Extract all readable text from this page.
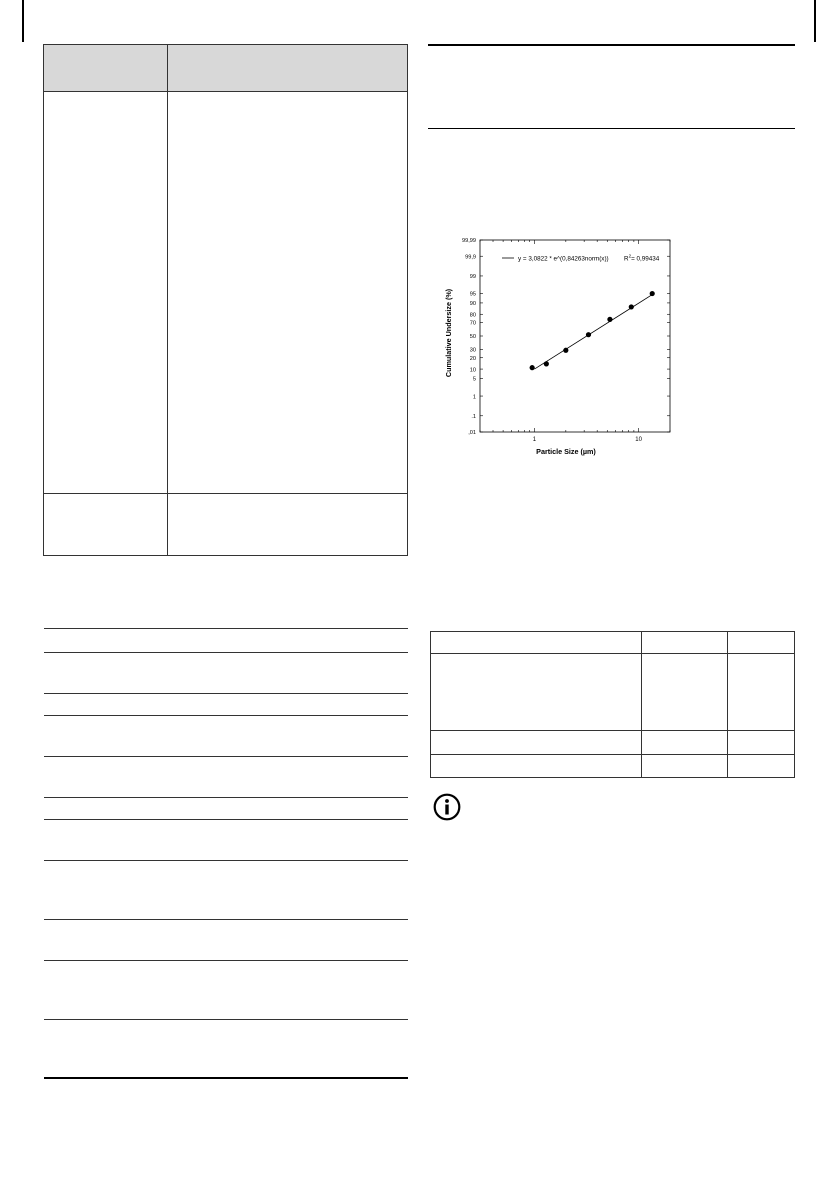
,01
.1
1
5
10
20
30
50
70
80
90
95
99
99,9
99,99
1	10
y = 3,0822 * e^(0,84263norm(x)) $R^2= 0,99434$
Particle Size (µm)
Cumulative Undersize (%)
